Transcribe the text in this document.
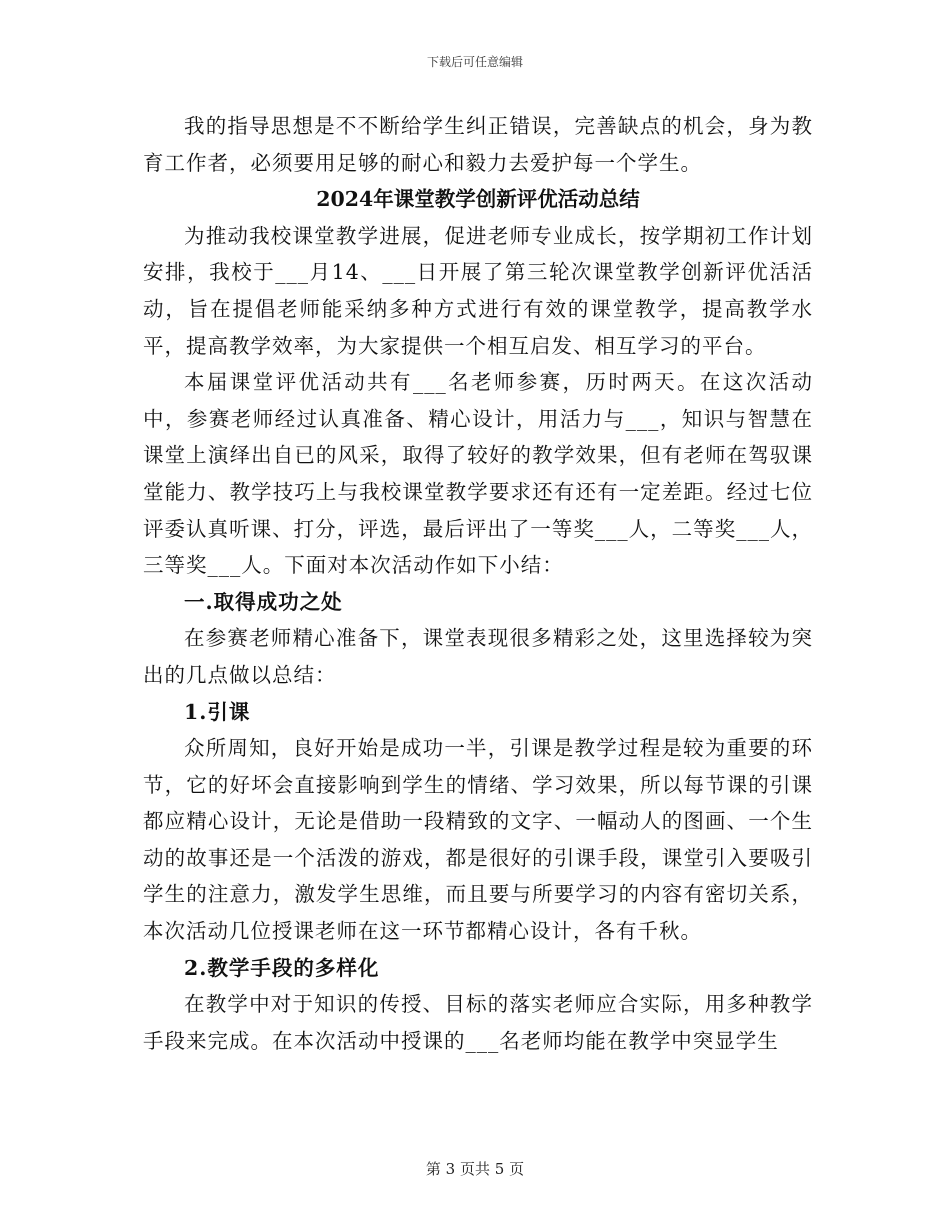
下载后可任意编辑

我的指导思想是不不断给学生纠正错误，完善缺点的机会，身为教育工作者，必须要用足够的耐心和毅力去爱护每一个学生。

2024年课堂教学创新评优活动总结

为推动我校课堂教学进展，促进老师专业成长，按学期初工作计划安排，我校于___月14、___日开展了第三轮次课堂教学创新评优活活动，旨在提倡老师能采纳多种方式进行有效的课堂教学，提高教学水平，提高教学效率，为大家提供一个相互启发、相互学习的平台。

本届课堂评优活动共有___名老师参赛，历时两天。在这次活动中，参赛老师经过认真准备、精心设计，用活力与___，知识与智慧在课堂上演绎出自已的风采，取得了较好的教学效果，但有老师在驾驭课堂能力、教学技巧上与我校课堂教学要求还有还有一定差距。经过七位评委认真听课、打分，评选，最后评出了一等奖___人，二等奖___人，三等奖___人。下面对本次活动作如下小结：

一.取得成功之处

在参赛老师精心准备下，课堂表现很多精彩之处，这里选择较为突出的几点做以总结：

1.引课

众所周知，良好开始是成功一半，引课是教学过程是较为重要的环节，它的好坏会直接影响到学生的情绪、学习效果，所以每节课的引课都应精心设计，无论是借助一段精致的文字、一幅动人的图画、一个生动的故事还是一个活泼的游戏，都是很好的引课手段，课堂引入要吸引学生的注意力，激发学生思维，而且要与所要学习的内容有密切关系，本次活动几位授课老师在这一环节都精心设计，各有千秋。

2.教学手段的多样化

在教学中对于知识的传授、目标的落实老师应合实际，用多种教学手段来完成。在本次活动中授课的___名老师均能在教学中突显学生

第 3 页共 5 页
